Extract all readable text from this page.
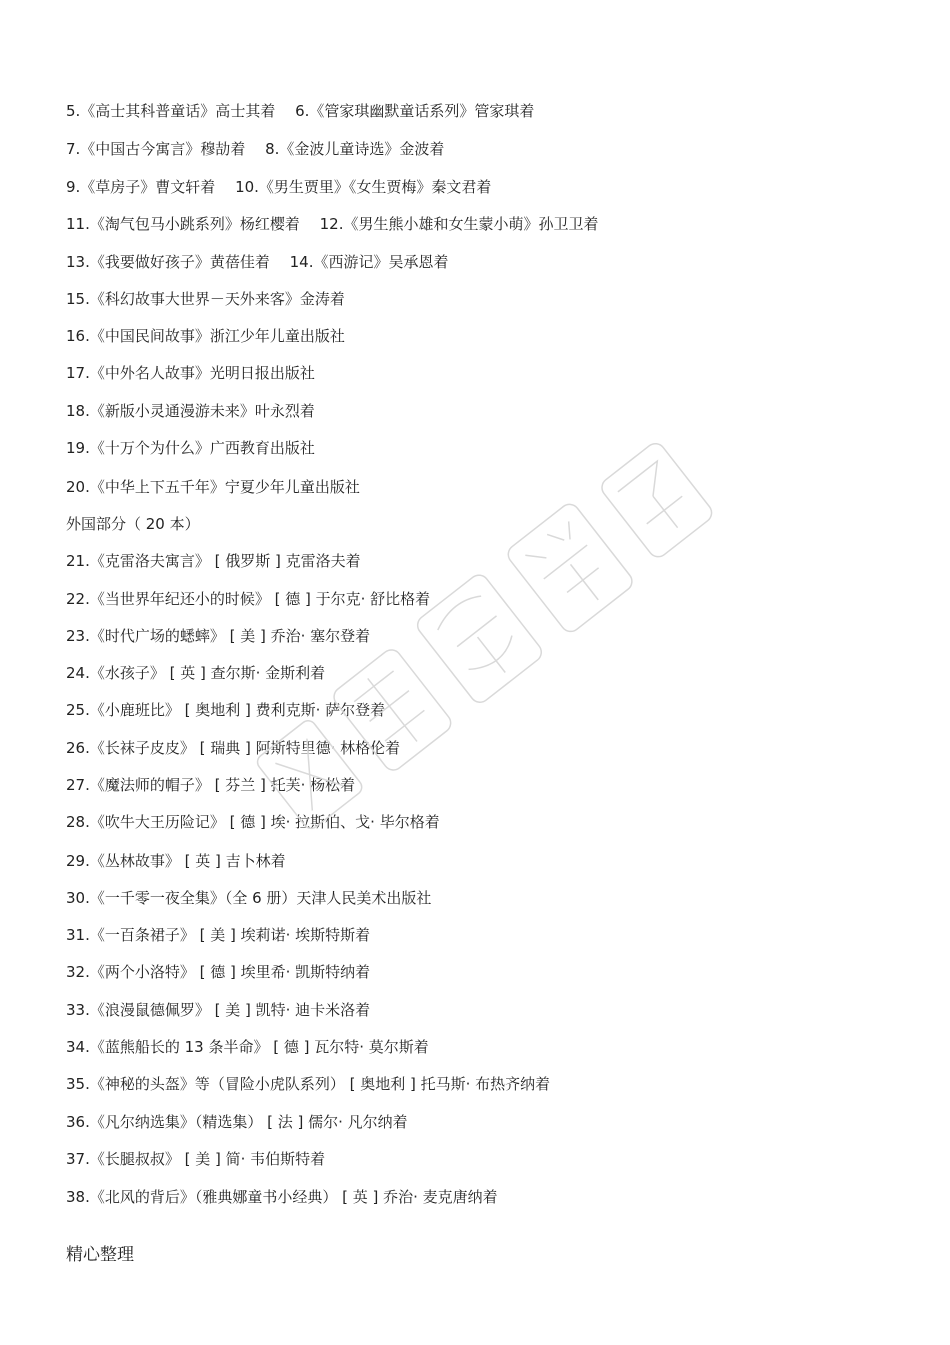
5.《高士其科普童话》高士其着　 6.《管家琪幽默童话系列》管家琪着
7.《中国古今寓言》穆劼着　 8.《金波儿童诗选》金波着
9.《草房子》曹文轩着　 10.《男生贾里》《女生贾梅》秦文君着
11.《淘气包马小跳系列》杨红樱着　 12.《男生熊小雄和女生蒙小萌》孙卫卫着
13.《我要做好孩子》黄蓓佳着　 14.《西游记》吴承恩着
15.《科幻故事大世界－天外来客》金涛着
16.《中国民间故事》浙江少年儿童出版社
17.《中外名人故事》光明日报出版社
18.《新版小灵通漫游未来》叶永烈着
19.《十万个为什么》广西教育出版社
20.《中华上下五千年》宁夏少年儿童出版社
外国部分（ 20 本）
21.《克雷洛夫寓言》 [ 俄罗斯 ] 克雷洛夫着
22.《当世界年纪还小的时候》 [ 德 ] 于尔克· 舒比格着
23.《时代广场的蟋蟀》 [ 美 ] 乔治· 塞尔登着
24.《水孩子》 [ 英 ] 查尔斯· 金斯利着
25.《小鹿班比》 [ 奥地利 ] 费利克斯· 萨尔登着
26.《长袜子皮皮》 [ 瑞典 ] 阿斯特里德· 林格伦着
27.《魔法师的帽子》 [ 芬兰 ] 托芙· 杨松着
28.《吹牛大王历险记》 [ 德 ] 埃· 拉斯伯、戈· 毕尔格着
29.《丛林故事》 [ 英 ] 吉卜林着
30.《一千零一夜全集》（全 6 册）天津人民美术出版社
31.《一百条裙子》 [ 美 ] 埃莉诺· 埃斯特斯着
32.《两个小洛特》 [ 德 ] 埃里希· 凯斯特纳着
33.《浪漫鼠德佩罗》 [ 美 ] 凯特· 迪卡米洛着
34.《蓝熊船长的 13 条半命》 [ 德 ] 瓦尔特· 莫尔斯着
35.《神秘的头盔》等（冒险小虎队系列） [ 奥地利 ] 托马斯· 布热齐纳着
36.《凡尔纳选集》（精选集） [ 法 ] 儒尔· 凡尔纳着
37.《长腿叔叔》 [ 美 ] 简· 韦伯斯特着
38.《北风的背后》（雅典娜童书小经典） [ 英 ] 乔治· 麦克唐纳着
精心整理
